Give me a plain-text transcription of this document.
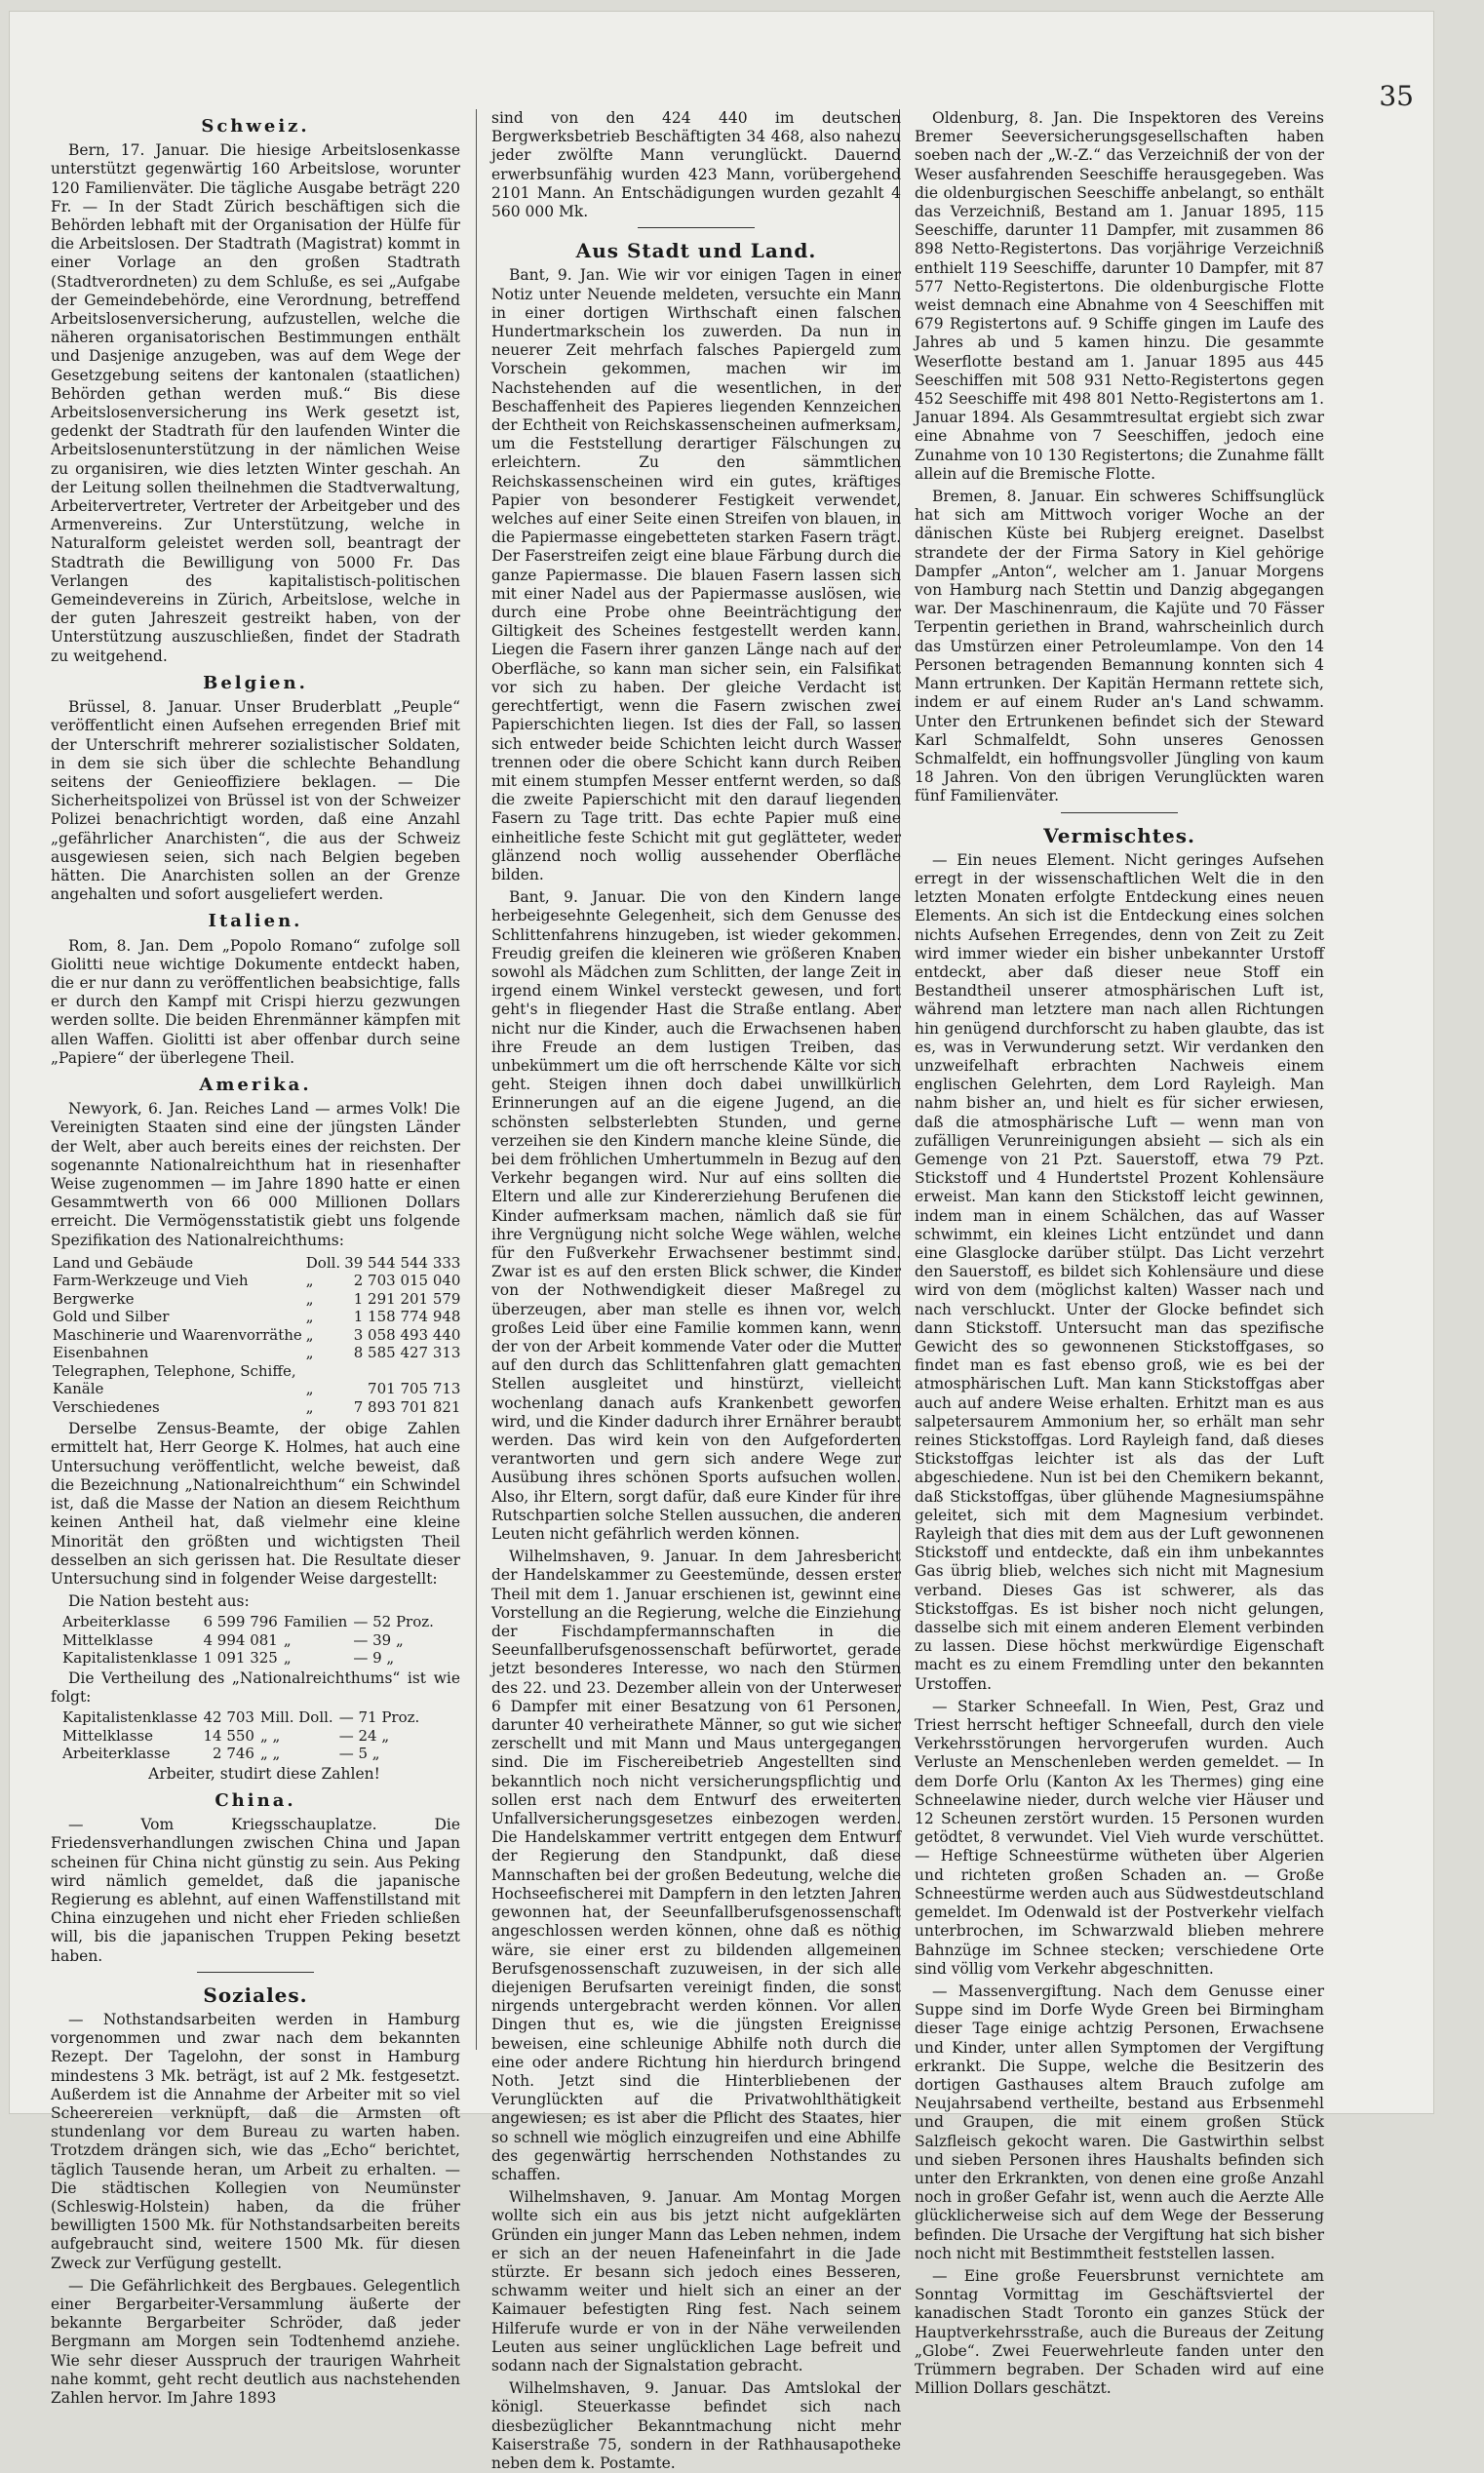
35
Schweiz.

Bern, 17. Januar. Die hiesige Arbeitslosenkasse unterstützt gegenwärtig 160 Arbeitslose, worunter 120 Familienväter. Die tägliche Ausgabe beträgt 220 Fr. — In der Stadt Zürich beschäftigen sich die Behörden lebhaft mit der Organisation der Hülfe für die Arbeitslosen. Der Stadtrath (Magistrat) kommt in einer Vorlage an den großen Stadtrath (Stadtverordneten) zu dem Schluße, es sei „Aufgabe der Gemeindebehörde, eine Verordnung, betreffend Arbeitslosenversicherung, aufzustellen, welche die näheren organisatorischen Bestimmungen enthält und Dasjenige anzugeben, was auf dem Wege der Gesetzgebung seitens der kantonalen (staatlichen) Behörden gethan werden muß.“ Bis diese Arbeitslosenversicherung ins Werk gesetzt ist, gedenkt der Stadtrath für den laufenden Winter die Arbeitslosenunterstützung in der nämlichen Weise zu organisiren, wie dies letzten Winter geschah. An der Leitung sollen theilnehmen die Stadtverwaltung, Arbeitervertreter, Vertreter der Arbeitgeber und des Armenvereins. Zur Unterstützung, welche in Naturalform geleistet werden soll, beantragt der Stadtrath die Bewilligung von 5000 Fr. Das Verlangen des kapitalistisch-politischen Gemeindevereins in Zürich, Arbeitslose, welche in der guten Jahreszeit gestreikt haben, von der Unterstützung auszuschließen, findet der Stadrath zu weitgehend.

Belgien.

Brüssel, 8. Januar. Unser Bruderblatt „Peuple“ veröffentlicht einen Aufsehen erregenden Brief mit der Unterschrift mehrerer sozialistischer Soldaten, in dem sie sich über die schlechte Behandlung seitens der Genieoffiziere beklagen. — Die Sicherheitspolizei von Brüssel ist von der Schweizer Polizei benachrichtigt worden, daß eine Anzahl „gefährlicher Anarchisten“, die aus der Schweiz ausgewiesen seien, sich nach Belgien begeben hätten. Die Anarchisten sollen an der Grenze angehalten und sofort ausgeliefert werden.

Italien.

Rom, 8. Jan. Dem „Popolo Romano“ zufolge soll Giolitti neue wichtige Dokumente entdeckt haben, die er nur dann zu veröffentlichen beabsichtige, falls er durch den Kampf mit Crispi hierzu gezwungen werden sollte. Die beiden Ehrenmänner kämpfen mit allen Waffen. Giolitti ist aber offenbar durch seine „Papiere“ der überlegene Theil.

Amerika.

Newyork, 6. Jan. Reiches Land — armes Volk! Die Vereinigten Staaten sind eine der jüngsten Länder der Welt, aber auch bereits eines der reichsten. Der sogenannte Nationalreichthum hat in riesenhafter Weise zugenommen — im Jahre 1890 hatte er einen Gesammtwerth von 66 000 Millionen Dollars erreicht. Die Vermögensstatistik giebt uns folgende Spezifikation des Nationalreichthums:

Land und Gebäude	Doll.	39 544 544 333
Farm-Werkzeuge und Vieh	„	2 703 015 040
Bergwerke	„	1 291 201 579
Gold und Silber	„	1 158 774 948
Maschinerie und Waarenvorräthe	„	3 058 493 440
Eisenbahnen	„	8 585 427 313
Telegraphen, Telephone, Schiffe,		
Kanäle	„	701 705 713
Verschiedenes	„	7 893 701 821

Derselbe Zensus-Beamte, der obige Zahlen ermittelt hat, Herr George K. Holmes, hat auch eine Untersuchung veröffentlicht, welche beweist, daß die Bezeichnung „Nationalreichthum“ ein Schwindel ist, daß die Masse der Nation an diesem Reichthum keinen Antheil hat, daß vielmehr eine kleine Minorität den größten und wichtigsten Theil desselben an sich gerissen hat. Die Resultate dieser Untersuchung sind in folgender Weise dargestellt:

Die Nation besteht aus:
Arbeiterklasse	6 599 796	Familien	— 52 Proz.
Mittelklasse	4 994 081	„	— 39 „
Kapitalistenklasse	1 091 325	„	— 9 „
Die Vertheilung des „Nationalreichthums“ ist wie folgt:
Kapitalistenklasse	42 703	Mill. Doll.	— 71 Proz.
Mittelklasse	14 550	„ „	— 24 „
Arbeiterklasse	2 746	„ „	— 5 „
Arbeiter, studirt diese Zahlen!
China.

— Vom Kriegsschauplatze. Die Friedensverhandlungen zwischen China und Japan scheinen für China nicht günstig zu sein. Aus Peking wird nämlich gemeldet, daß die japanische Regierung es ablehnt, auf einen Waffenstillstand mit China einzugehen und nicht eher Frieden schließen will, bis die japanischen Truppen Peking besetzt haben.

Soziales.

— Nothstandsarbeiten werden in Hamburg vorgenommen und zwar nach dem bekannten Rezept. Der Tagelohn, der sonst in Hamburg mindestens 3 Mk. beträgt, ist auf 2 Mk. festgesetzt. Außerdem ist die Annahme der Arbeiter mit so viel Scheerereien verknüpft, daß die Armsten oft stundenlang vor dem Bureau zu warten haben. Trotzdem drängen sich, wie das „Echo“ berichtet, täglich Tausende heran, um Arbeit zu erhalten. — Die städtischen Kollegien von Neumünster (Schleswig-Holstein) haben, da die früher bewilligten 1500 Mk. für Nothstandsarbeiten bereits aufgebraucht sind, weitere 1500 Mk. für diesen Zweck zur Verfügung gestellt.

— Die Gefährlichkeit des Bergbaues. Gelegentlich einer Bergarbeiter-Versammlung äußerte der bekannte Bergarbeiter Schröder, daß jeder Bergmann am Morgen sein Todtenhemd anziehe. Wie sehr dieser Ausspruch der traurigen Wahrheit nahe kommt, geht recht deutlich aus nachstehenden Zahlen hervor. Im Jahre 1893

sind von den 424 440 im deutschen Bergwerksbetrieb Beschäftigten 34 468, also nahezu jeder zwölfte Mann verunglückt. Dauernd erwerbsunfähig wurden 423 Mann, vorübergehend 2101 Mann. An Entschädigungen wurden gezahlt 4 560 000 Mk.

Aus Stadt und Land.

Bant, 9. Jan. Wie wir vor einigen Tagen in einer Notiz unter Neuende meldeten, versuchte ein Mann in einer dortigen Wirthschaft einen falschen Hundertmarkschein los zuwerden. Da nun in neuerer Zeit mehrfach falsches Papiergeld zum Vorschein gekommen, machen wir im Nachstehenden auf die wesentlichen, in der Beschaffenheit des Papieres liegenden Kennzeichen der Echtheit von Reichskassenscheinen aufmerksam, um die Feststellung derartiger Fälschungen zu erleichtern. Zu den sämmtlichen Reichskassenscheinen wird ein gutes, kräftiges Papier von besonderer Festigkeit verwendet, welches auf einer Seite einen Streifen von blauen, in die Papiermasse eingebetteten starken Fasern trägt. Der Faserstreifen zeigt eine blaue Färbung durch die ganze Papiermasse. Die blauen Fasern lassen sich mit einer Nadel aus der Papiermasse auslösen, wie durch eine Probe ohne Beeinträchtigung der Giltigkeit des Scheines festgestellt werden kann. Liegen die Fasern ihrer ganzen Länge nach auf der Oberfläche, so kann man sicher sein, ein Falsifikat vor sich zu haben. Der gleiche Verdacht ist gerechtfertigt, wenn die Fasern zwischen zwei Papierschichten liegen. Ist dies der Fall, so lassen sich entweder beide Schichten leicht durch Wasser trennen oder die obere Schicht kann durch Reiben mit einem stumpfen Messer entfernt werden, so daß die zweite Papierschicht mit den darauf liegenden Fasern zu Tage tritt. Das echte Papier muß eine einheitliche feste Schicht mit gut geglätteter, weder glänzend noch wollig aussehender Oberfläche bilden.

Bant, 9. Januar. Die von den Kindern lange herbeigesehnte Gelegenheit, sich dem Genusse des Schlittenfahrens hinzugeben, ist wieder gekommen. Freudig greifen die kleineren wie größeren Knaben sowohl als Mädchen zum Schlitten, der lange Zeit in irgend einem Winkel versteckt gewesen, und fort geht's in fliegender Hast die Straße entlang. Aber nicht nur die Kinder, auch die Erwachsenen haben ihre Freude an dem lustigen Treiben, das unbekümmert um die oft herrschende Kälte vor sich geht. Steigen ihnen doch dabei unwillkürlich Erinnerungen auf an die eigene Jugend, an die schönsten selbsterlebten Stunden, und gerne verzeihen sie den Kindern manche kleine Sünde, die bei dem fröhlichen Umhertummeln in Bezug auf den Verkehr begangen wird. Nur auf eins sollten die Eltern und alle zur Kindererziehung Berufenen die Kinder aufmerksam machen, nämlich daß sie für ihre Vergnügung nicht solche Wege wählen, welche für den Fußverkehr Erwachsener bestimmt sind. Zwar ist es auf den ersten Blick schwer, die Kinder von der Nothwendigkeit dieser Maßregel zu überzeugen, aber man stelle es ihnen vor, welch großes Leid über eine Familie kommen kann, wenn der von der Arbeit kommende Vater oder die Mutter auf den durch das Schlittenfahren glatt gemachten Stellen ausgleitet und hinstürzt, vielleicht wochenlang danach aufs Krankenbett geworfen wird, und die Kinder dadurch ihrer Ernährer beraubt werden. Das wird kein von den Aufgeforderten verantworten und gern sich andere Wege zur Ausübung ihres schönen Sports aufsuchen wollen. Also, ihr Eltern, sorgt dafür, daß eure Kinder für ihre Rutschpartien solche Stellen aussuchen, die anderen Leuten nicht gefährlich werden können.

Wilhelmshaven, 9. Januar. In dem Jahresbericht der Handelskammer zu Geestemünde, dessen erster Theil mit dem 1. Januar erschienen ist, gewinnt eine Vorstellung an die Regierung, welche die Einziehung der Fischdampfermannschaften in die Seeunfallberufsgenossenschaft befürwortet, gerade jetzt besonderes Interesse, wo nach den Stürmen des 22. und 23. Dezember allein von der Unterweser 6 Dampfer mit einer Besatzung von 61 Personen, darunter 40 verheirathete Männer, so gut wie sicher zerschellt und mit Mann und Maus untergegangen sind. Die im Fischereibetrieb Angestellten sind bekanntlich noch nicht versicherungspflichtig und sollen erst nach dem Entwurf des erweiterten Unfallversicherungsgesetzes einbezogen werden. Die Handelskammer vertritt entgegen dem Entwurf der Regierung den Standpunkt, daß diese Mannschaften bei der großen Bedeutung, welche die Hochseefischerei mit Dampfern in den letzten Jahren gewonnen hat, der Seeunfallberufsgenossenschaft angeschlossen werden können, ohne daß es nöthig wäre, sie einer erst zu bildenden allgemeinen Berufsgenossenschaft zuzuweisen, in der sich alle diejenigen Berufsarten vereinigt finden, die sonst nirgends untergebracht werden können. Vor allen Dingen thut es, wie die jüngsten Ereignisse beweisen, eine schleunige Abhilfe noth durch die eine oder andere Richtung hin hierdurch bringend Noth. Jetzt sind die Hinterbliebenen der Verunglückten auf die Privatwohlthätigkeit angewiesen; es ist aber die Pflicht des Staates, hier so schnell wie möglich einzugreifen und eine Abhilfe des gegenwärtig herrschenden Nothstandes zu schaffen.

Wilhelmshaven, 9. Januar. Am Montag Morgen wollte sich ein aus bis jetzt nicht aufgeklärten Gründen ein junger Mann das Leben nehmen, indem er sich an der neuen Hafeneinfahrt in die Jade stürzte. Er besann sich jedoch eines Besseren, schwamm weiter und hielt sich an einer an der Kaimauer befestigten Ring fest. Nach seinem Hilferufe wurde er von in der Nähe verweilenden Leuten aus seiner unglücklichen Lage befreit und sodann nach der Signalstation gebracht.

Wilhelmshaven, 9. Januar. Das Amtslokal der königl. Steuerkasse befindet sich nach diesbezüglicher Bekanntmachung nicht mehr Kaiserstraße 75, sondern in der Rathhausapotheke neben dem k. Postamte.

Oldenburg, 8. Jan. Die Inspektoren des Vereins Bremer Seeversicherungsgesellschaften haben soeben nach der „W.-Z.“ das Verzeichniß der von der Weser ausfahrenden Seeschiffe herausgegeben. Was die oldenburgischen Seeschiffe anbelangt, so enthält das Verzeichniß, Bestand am 1. Januar 1895, 115 Seeschiffe, darunter 11 Dampfer, mit zusammen 86 898 Netto-Registertons. Das vorjährige Verzeichniß enthielt 119 Seeschiffe, darunter 10 Dampfer, mit 87 577 Netto-Registertons. Die oldenburgische Flotte weist demnach eine Abnahme von 4 Seeschiffen mit 679 Registertons auf. 9 Schiffe gingen im Laufe des Jahres ab und 5 kamen hinzu. Die gesammte Weserflotte bestand am 1. Januar 1895 aus 445 Seeschiffen mit 508 931 Netto-Registertons gegen 452 Seeschiffe mit 498 801 Netto-Registertons am 1. Januar 1894. Als Gesammtresultat ergiebt sich zwar eine Abnahme von 7 Seeschiffen, jedoch eine Zunahme von 10 130 Registertons; die Zunahme fällt allein auf die Bremische Flotte.

Bremen, 8. Januar. Ein schweres Schiffsunglück hat sich am Mittwoch voriger Woche an der dänischen Küste bei Rubjerg ereignet. Daselbst strandete der der Firma Satory in Kiel gehörige Dampfer „Anton“, welcher am 1. Januar Morgens von Hamburg nach Stettin und Danzig abgegangen war. Der Maschinenraum, die Kajüte und 70 Fässer Terpentin geriethen in Brand, wahrscheinlich durch das Umstürzen einer Petroleumlampe. Von den 14 Personen betragenden Bemannung konnten sich 4 Mann ertrunken. Der Kapitän Hermann rettete sich, indem er auf einem Ruder an's Land schwamm. Unter den Ertrunkenen befindet sich der Steward Karl Schmalfeldt, Sohn unseres Genossen Schmalfeldt, ein hoffnungsvoller Jüngling von kaum 18 Jahren. Von den übrigen Verunglückten waren fünf Familienväter.

Vermischtes.

— Ein neues Element. Nicht geringes Aufsehen erregt in der wissenschaftlichen Welt die in den letzten Monaten erfolgte Entdeckung eines neuen Elements. An sich ist die Entdeckung eines solchen nichts Aufsehen Erregendes, denn von Zeit zu Zeit wird immer wieder ein bisher unbekannter Urstoff entdeckt, aber daß dieser neue Stoff ein Bestandtheil unserer atmosphärischen Luft ist, während man letztere man nach allen Richtungen hin genügend durchforscht zu haben glaubte, das ist es, was in Verwunderung setzt. Wir verdanken den unzweifelhaft erbrachten Nachweis einem englischen Gelehrten, dem Lord Rayleigh. Man nahm bisher an, und hielt es für sicher erwiesen, daß die atmosphärische Luft — wenn man von zufälligen Verunreinigungen absieht — sich als ein Gemenge von 21 Pzt. Sauerstoff, etwa 79 Pzt. Stickstoff und 4 Hundertstel Prozent Kohlensäure erweist. Man kann den Stickstoff leicht gewinnen, indem man in einem Schälchen, das auf Wasser schwimmt, ein kleines Licht entzündet und dann eine Glasglocke darüber stülpt. Das Licht verzehrt den Sauerstoff, es bildet sich Kohlensäure und diese wird von dem (möglichst kalten) Wasser nach und nach verschluckt. Unter der Glocke befindet sich dann Stickstoff. Untersucht man das spezifische Gewicht des so gewonnenen Stickstoffgases, so findet man es fast ebenso groß, wie es bei der atmosphärischen Luft. Man kann Stickstoffgas aber auch auf andere Weise erhalten. Erhitzt man es aus salpetersaurem Ammonium her, so erhält man sehr reines Stickstoffgas. Lord Rayleigh fand, daß dieses Stickstoffgas leichter ist als das der Luft abgeschiedene. Nun ist bei den Chemikern bekannt, daß Stickstoffgas, über glühende Magnesiumspähne geleitet, sich mit dem Magnesium verbindet. Rayleigh that dies mit dem aus der Luft gewonnenen Stickstoff und entdeckte, daß ein ihm unbekanntes Gas übrig blieb, welches sich nicht mit Magnesium verband. Dieses Gas ist schwerer, als das Stickstoffgas. Es ist bisher noch nicht gelungen, dasselbe sich mit einem anderen Element verbinden zu lassen. Diese höchst merkwürdige Eigenschaft macht es zu einem Fremdling unter den bekannten Urstoffen.

— Starker Schneefall. In Wien, Pest, Graz und Triest herrscht heftiger Schneefall, durch den viele Verkehrsstörungen hervorgerufen wurden. Auch Verluste an Menschenleben werden gemeldet. — In dem Dorfe Orlu (Kanton Ax les Thermes) ging eine Schneelawine nieder, durch welche vier Häuser und 12 Scheunen zerstört wurden. 15 Personen wurden getödtet, 8 verwundet. Viel Vieh wurde verschüttet. — Heftige Schneestürme wütheten über Algerien und richteten großen Schaden an. — Große Schneestürme werden auch aus Südwestdeutschland gemeldet. Im Odenwald ist der Postverkehr vielfach unterbrochen, im Schwarzwald blieben mehrere Bahnzüge im Schnee stecken; verschiedene Orte sind völlig vom Verkehr abgeschnitten.

— Massenvergiftung. Nach dem Genusse einer Suppe sind im Dorfe Wyde Green bei Birmingham dieser Tage einige achtzig Personen, Erwachsene und Kinder, unter allen Symptomen der Vergiftung erkrankt. Die Suppe, welche die Besitzerin des dortigen Gasthauses altem Brauch zufolge am Neujahrsabend vertheilte, bestand aus Erbsenmehl und Graupen, die mit einem großen Stück Salzfleisch gekocht waren. Die Gastwirthin selbst und sieben Personen ihres Haushalts befinden sich unter den Erkrankten, von denen eine große Anzahl noch in großer Gefahr ist, wenn auch die Aerzte Alle glücklicherweise sich auf dem Wege der Besserung befinden. Die Ursache der Vergiftung hat sich bisher noch nicht mit Bestimmtheit feststellen lassen.

— Eine große Feuersbrunst vernichtete am Sonntag Vormittag im Geschäftsviertel der kanadischen Stadt Toronto ein ganzes Stück der Hauptverkehrsstraße, auch die Bureaus der Zeitung „Globe“. Zwei Feuerwehrleute fanden unter den Trümmern begraben. Der Schaden wird auf eine Million Dollars geschätzt.
